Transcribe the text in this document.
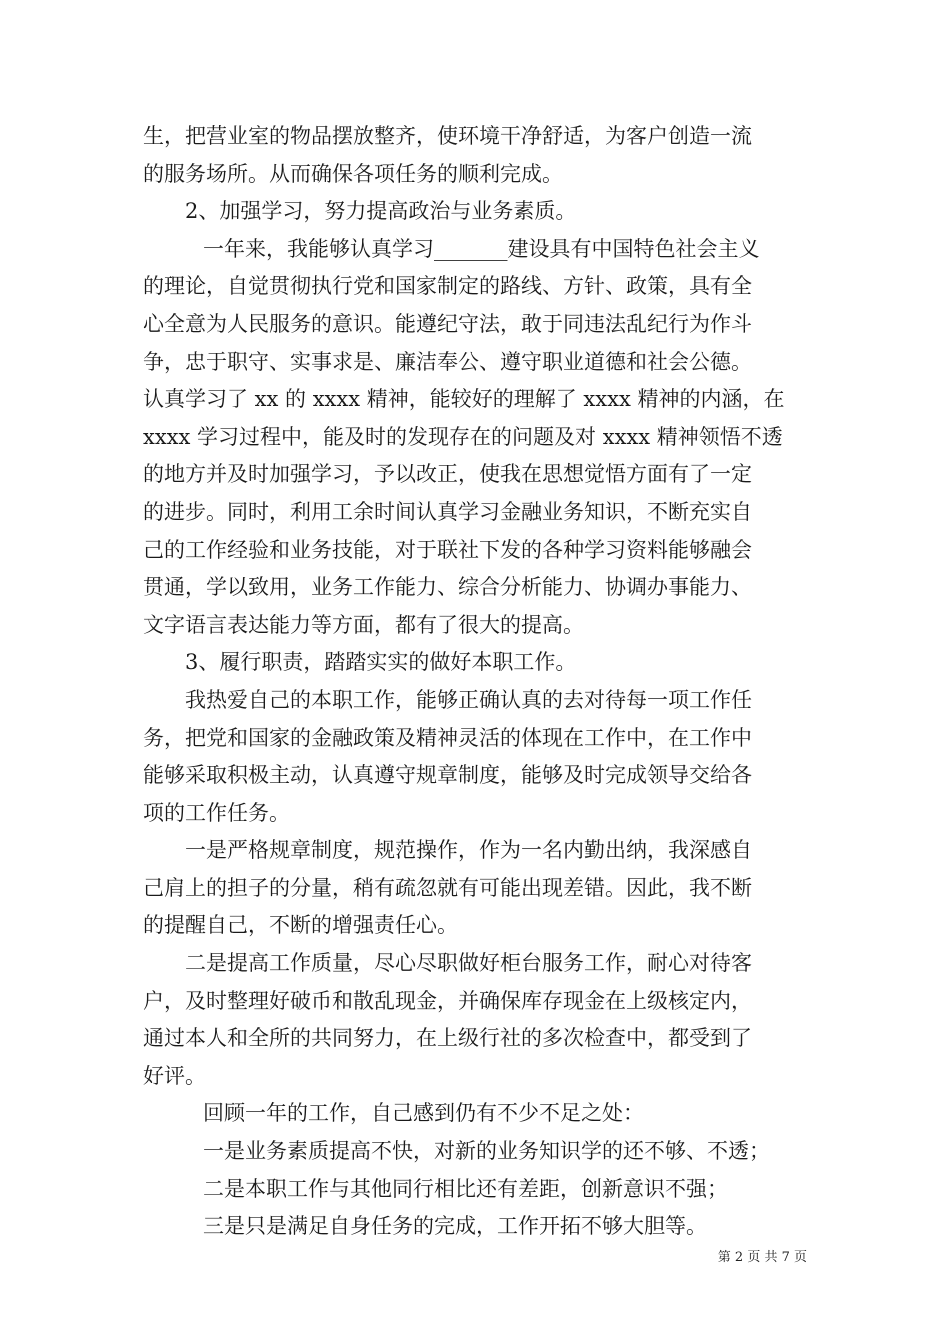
生，把营业室的物品摆放整齐，使环境干净舒适，为客户创造一流
的服务场所。从而确保各项任务的顺利完成。
2、加强学习，努力提高政治与业务素质。
一年来，我能够认真学习_______建设具有中国特色社会主义
的理论，自觉贯彻执行党和国家制定的路线、方针、政策，具有全
心全意为人民服务的意识。能遵纪守法，敢于同违法乱纪行为作斗
争，忠于职守、实事求是、廉洁奉公、遵守职业道德和社会公德。
认真学习了 xx 的 xxxx 精神，能较好的理解了 xxxx 精神的内涵，在
xxxx 学习过程中，能及时的发现存在的问题及对 xxxx 精神领悟不透
的地方并及时加强学习，予以改正，使我在思想觉悟方面有了一定
的进步。同时，利用工余时间认真学习金融业务知识，不断充实自
己的工作经验和业务技能，对于联社下发的各种学习资料能够融会
贯通，学以致用，业务工作能力、综合分析能力、协调办事能力、
文字语言表达能力等方面，都有了很大的提高。
3、履行职责，踏踏实实的做好本职工作。
我热爱自己的本职工作，能够正确认真的去对待每一项工作任
务，把党和国家的金融政策及精神灵活的体现在工作中，在工作中
能够采取积极主动，认真遵守规章制度，能够及时完成领导交给各
项的工作任务。
一是严格规章制度，规范操作，作为一名内勤出纳，我深感自
己肩上的担子的分量，稍有疏忽就有可能出现差错。因此，我不断
的提醒自己，不断的增强责任心。
二是提高工作质量，尽心尽职做好柜台服务工作，耐心对待客
户，及时整理好破币和散乱现金，并确保库存现金在上级核定内，
通过本人和全所的共同努力，在上级行社的多次检查中，都受到了
好评。
回顾一年的工作，自己感到仍有不少不足之处：
一是业务素质提高不快，对新的业务知识学的还不够、不透；
二是本职工作与其他同行相比还有差距，创新意识不强；
三是只是满足自身任务的完成，工作开拓不够大胆等。
第 2 页 共 7 页
